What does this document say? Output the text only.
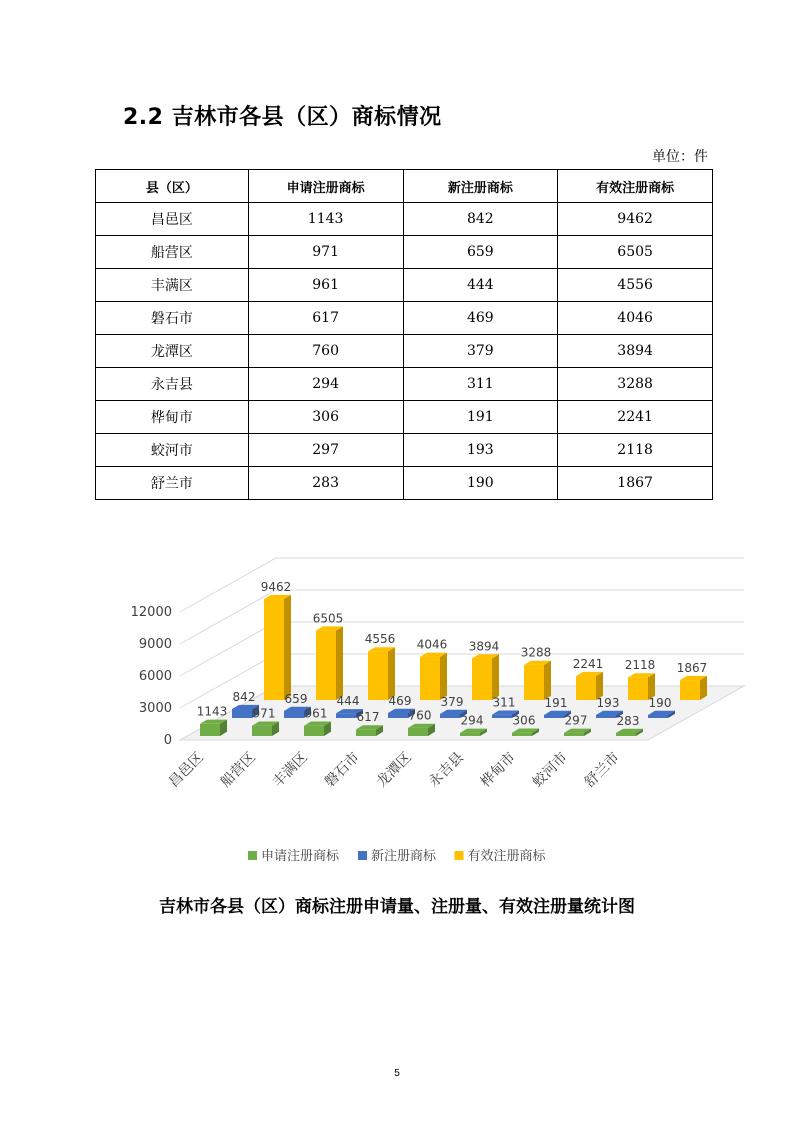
2.2 吉林市各县（区）商标情况
单位：件
县（区）	申请注册商标	新注册商标	有效注册商标
昌邑区	1143	842	9462
船营区	971	659	6505
丰满区	961	444	4556
磐石市	617	469	4046
龙潭区	760	379	3894
永吉县	294	311	3288
桦甸市	306	191	2241
蛟河市	297	193	2118
舒兰市	283	190	1867
0
3000
6000
9000
12000
9462
6505
4556 4046 3894 3288
2241 2118 1867
842 659 444 469 379 311 191 193 190
1143 971 961 617 760 294 306 297 283
昌邑区 船营区 丰满区 磐石市 龙潭区 永吉县 桦甸市 蛟河市 舒兰市
申请注册商标 新注册商标 有效注册商标
吉林市各县（区）商标注册申请量、注册量、有效注册量统计图
5
